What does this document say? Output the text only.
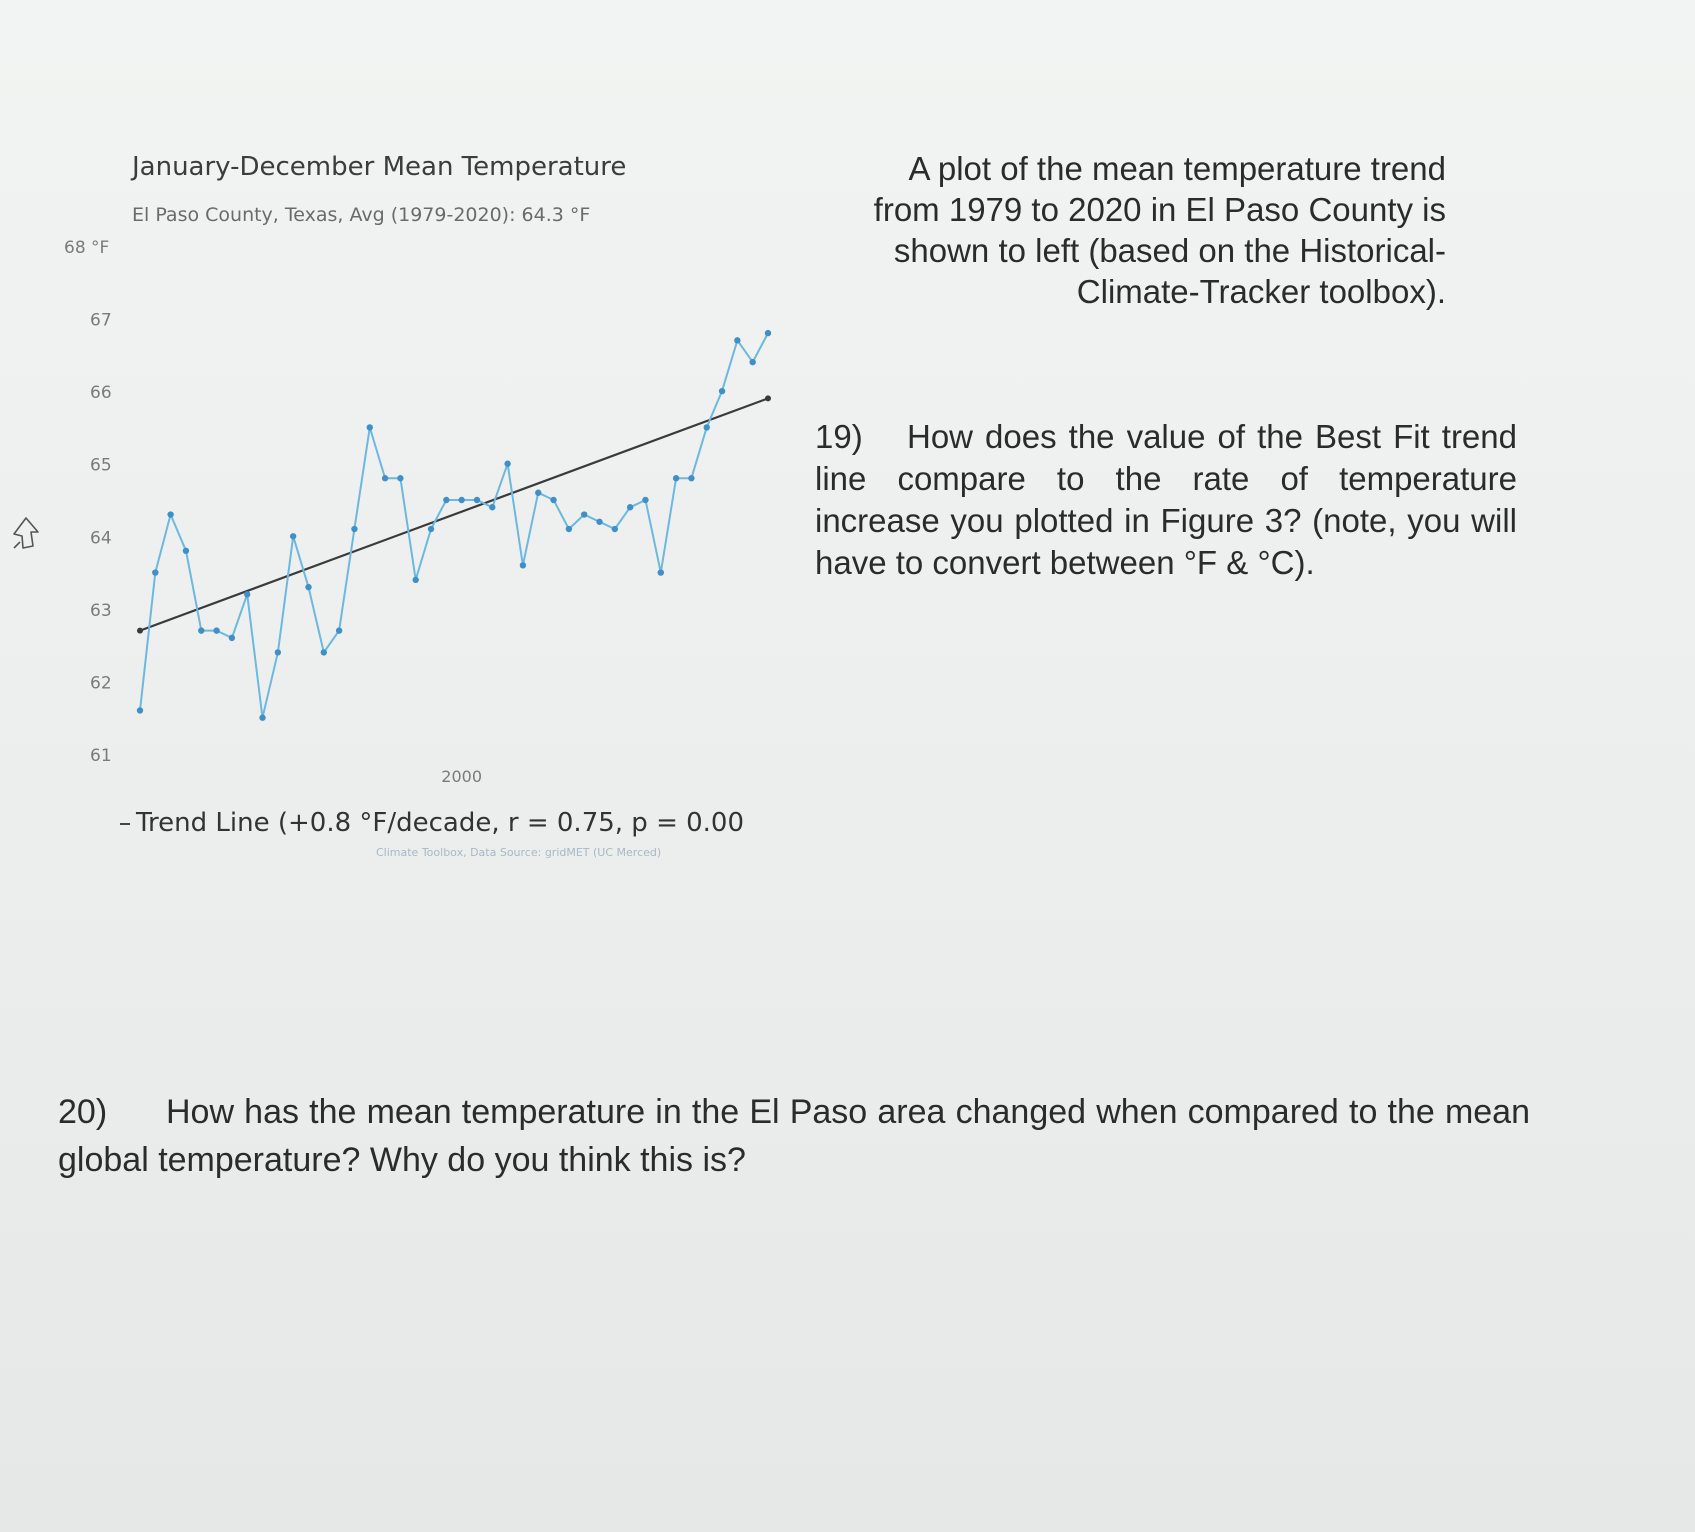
68 °F
67
66
65
64
63
62
61
2000
January-December Mean Temperature
El Paso County, Texas, Avg (1979-2020): 64.3 °F
Trend Line (+0.8 °F/decade, r = 0.75, p = 0.00
Climate Toolbox, Data Source: gridMET (UC Merced)
A plot of the mean temperature trend from 1979 to 2020 in El Paso County is shown to left (based on the Historical-Climate-Tracker toolbox).
19) How does the value of the Best Fit trend line compare to the rate of temperature increase you plotted in Figure 3? (note, you will have to convert between °F & °C).
20) How has the mean temperature in the El Paso area changed when compared to the mean global temperature? Why do you think this is?
